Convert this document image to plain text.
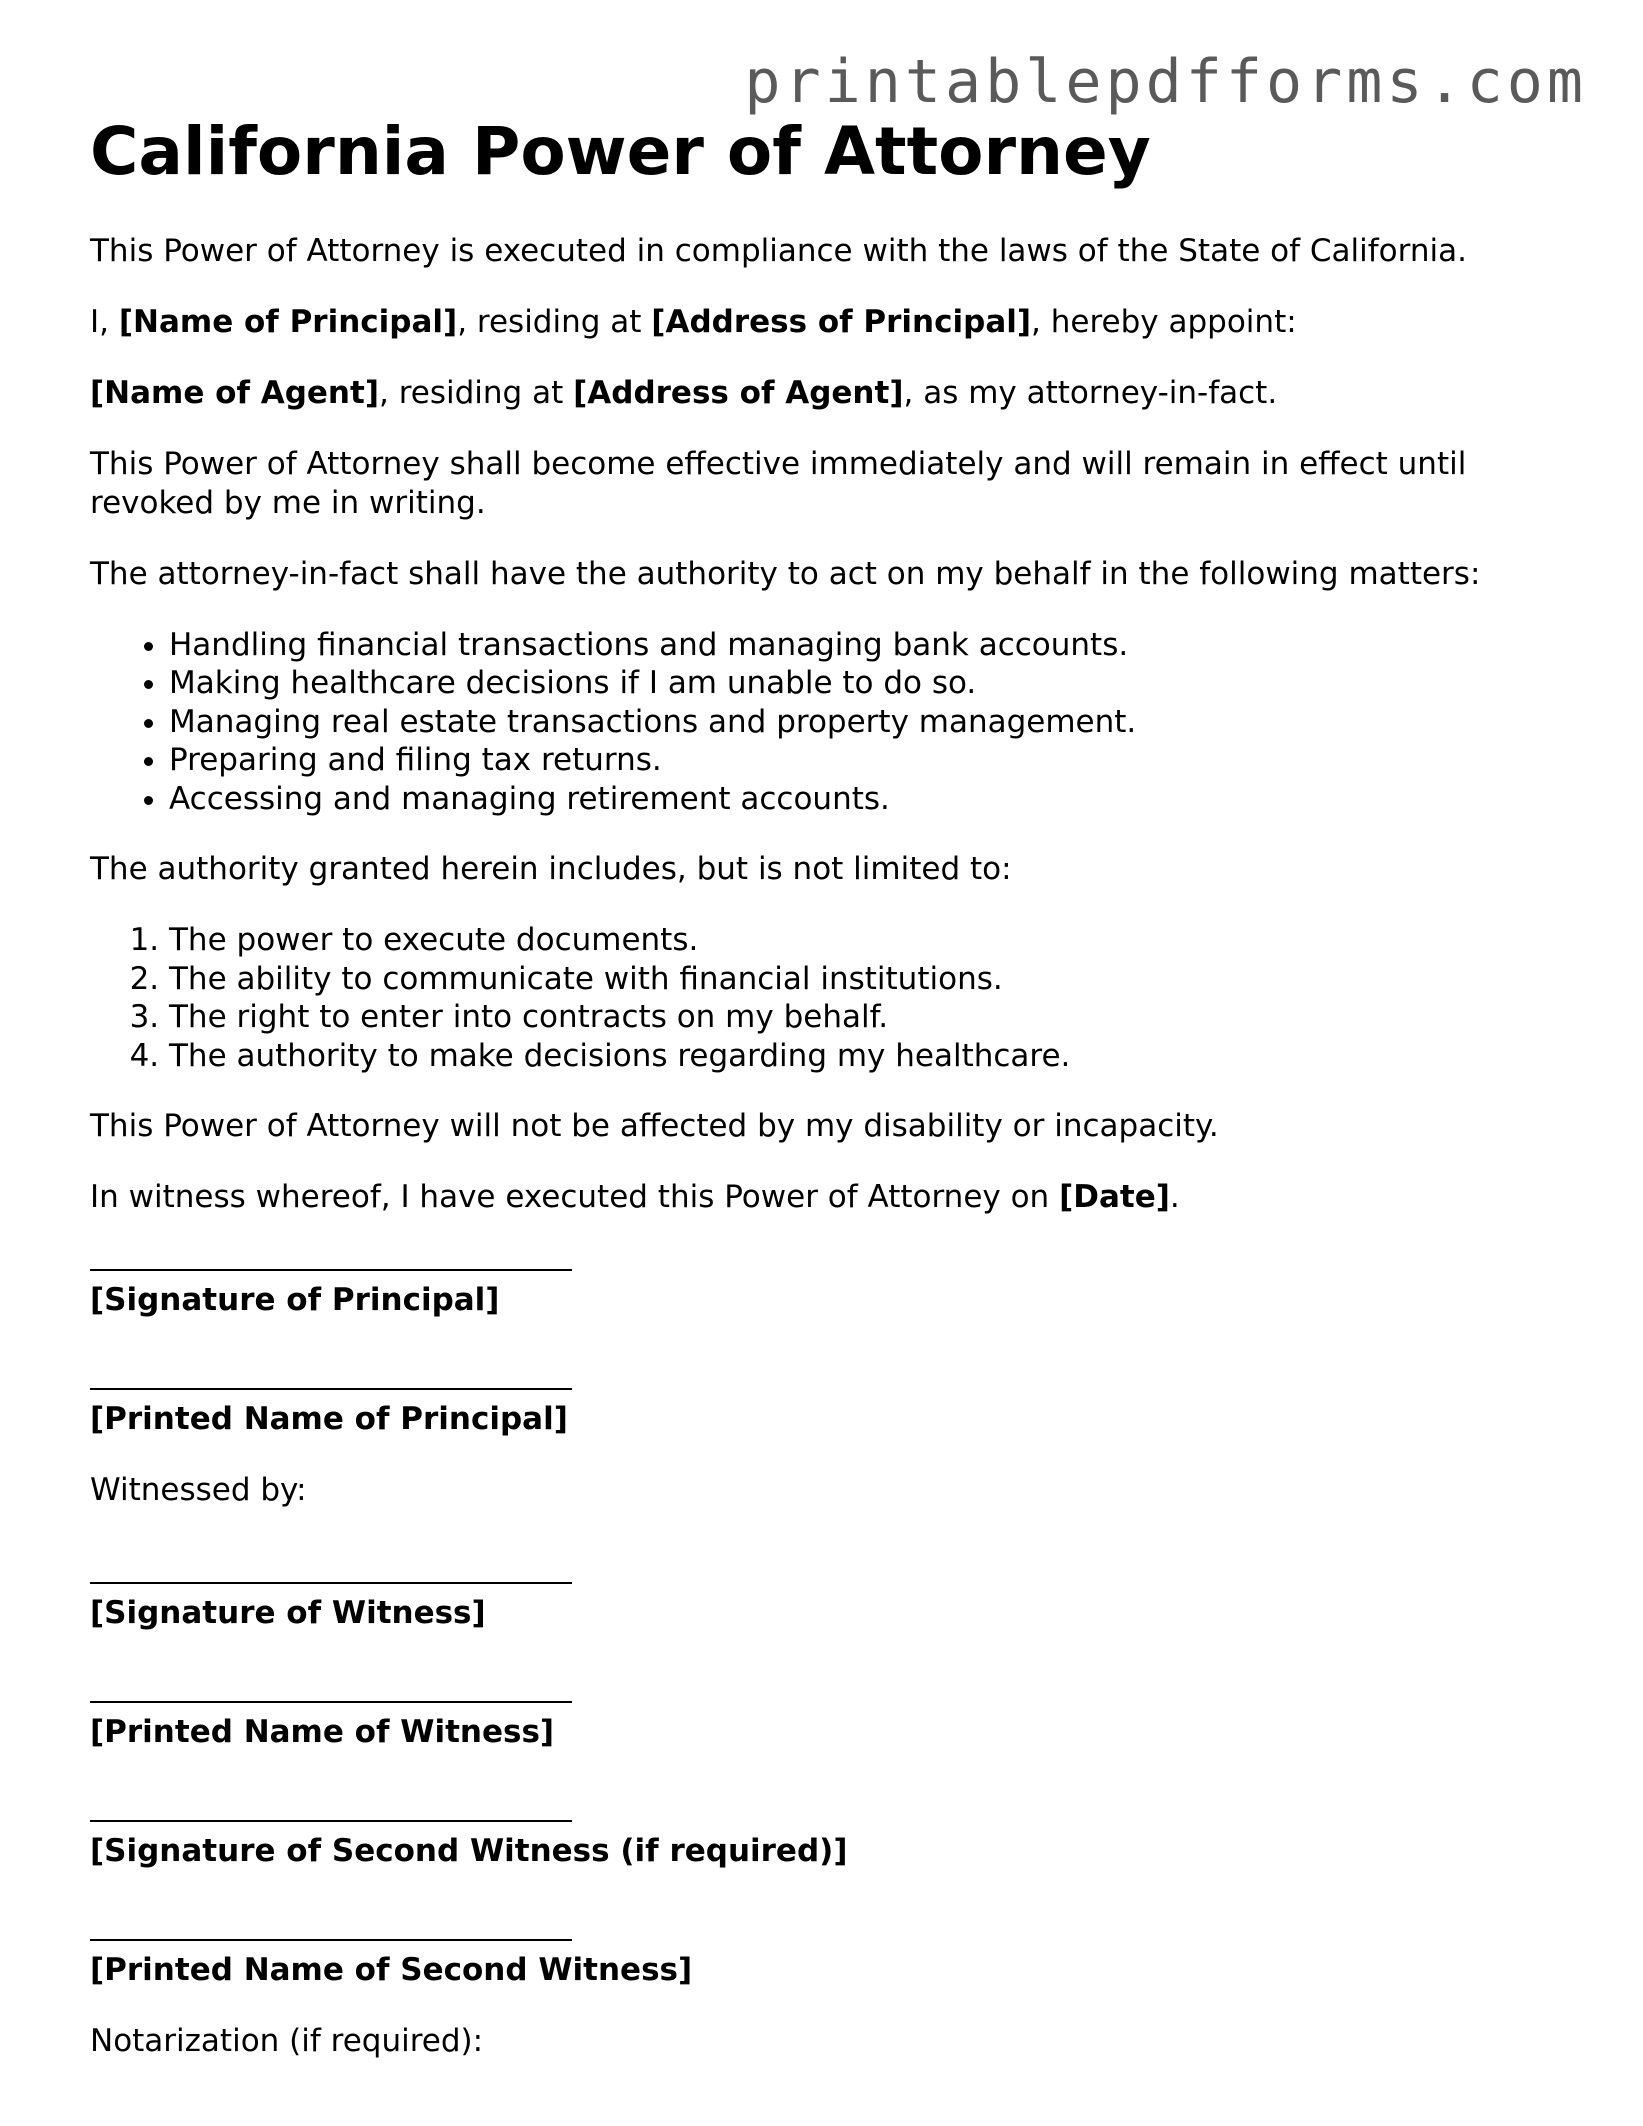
printablepdfforms.com
California Power of Attorney

This Power of Attorney is executed in compliance with the laws of the State of California.

I, [Name of Principal], residing at [Address of Principal], hereby appoint:

[Name of Agent], residing at [Address of Agent], as my attorney-in-fact.

This Power of Attorney shall become effective immediately and will remain in effect until revoked by me in writing.

The attorney-in-fact shall have the authority to act on my behalf in the following matters:

• Handling financial transactions and managing bank accounts.
• Making healthcare decisions if I am unable to do so.
• Managing real estate transactions and property management.
• Preparing and filing tax returns.
• Accessing and managing retirement accounts.

The authority granted herein includes, but is not limited to:

1. The power to execute documents.
2. The ability to communicate with financial institutions.
3. The right to enter into contracts on my behalf.
4. The authority to make decisions regarding my healthcare.

This Power of Attorney will not be affected by my disability or incapacity.

In witness whereof, I have executed this Power of Attorney on [Date].

[Signature of Principal]
[Printed Name of Principal]

Witnessed by:

[Signature of Witness]
[Printed Name of Witness]
[Signature of Second Witness (if required)]
[Printed Name of Second Witness]

Notarization (if required):
